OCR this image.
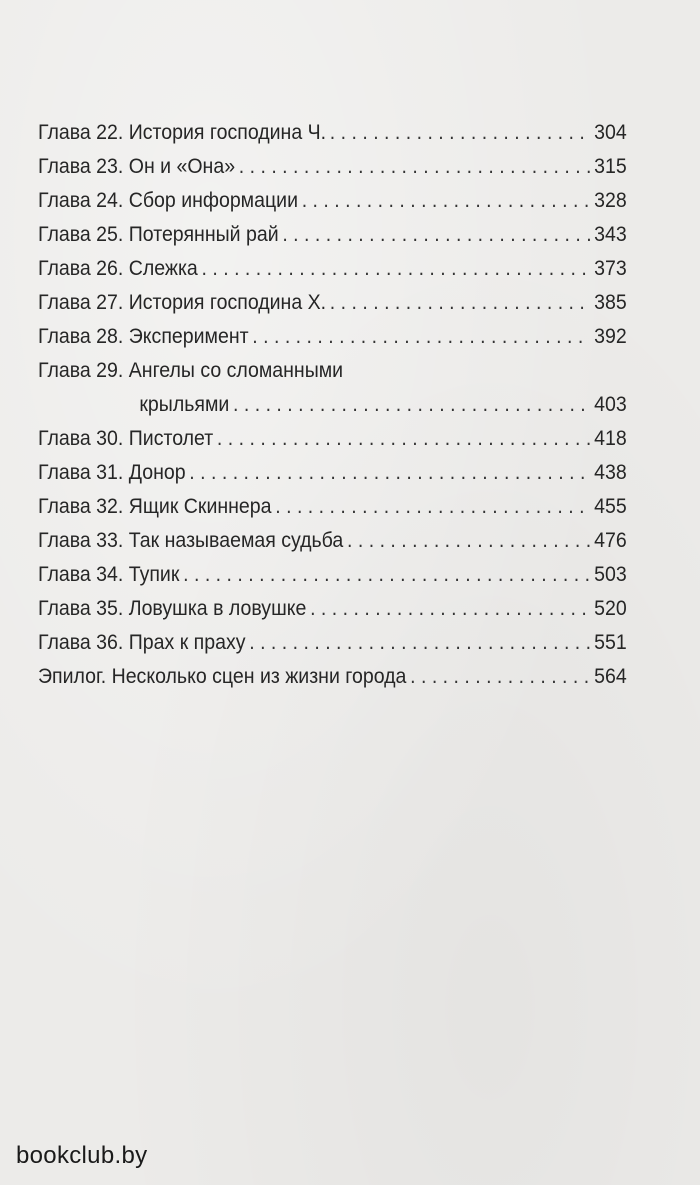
Глава 22. История господина Ч. . . .	304
Глава 23. Он и «Она» . . .	315
Глава 24. Сбор информации . . .	328
Глава 25. Потерянный рай . . .	343
Глава 26. Слежка . . .	373
Глава 27. История господина Х. . . .	385
Глава 28. Эксперимент . . .	392
Глава 29. Ангелы со сломанными
крыльями . . .	403
Глава 30. Пистолет . . .	418
Глава 31. Донор . . .	438
Глава 32. Ящик Скиннера . . .	455
Глава 33. Так называемая судьба . . .	476
Глава 34. Тупик . . .	503
Глава 35. Ловушка в ловушке . . .	520
Глава 36. Прах к праху . . .	551
Эпилог. Несколько сцен из жизни города . . .	564
bookclub.by
